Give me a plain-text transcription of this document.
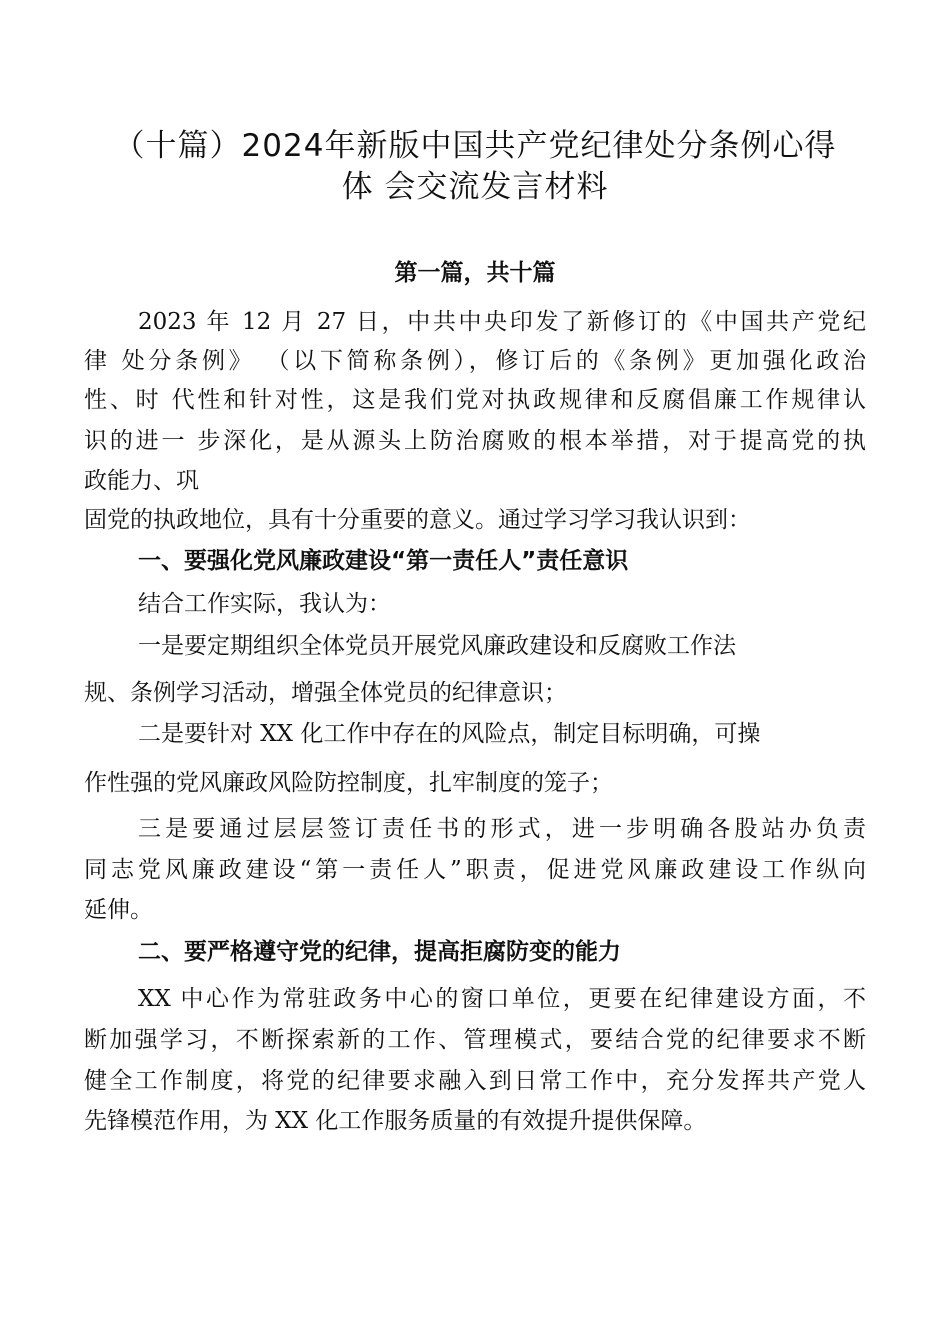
（十篇）2024年新版中国共产党纪律处分条例心得
体 会交流发言材料
第一篇，共十篇
2023 年 12 月 27 日，中共中央印发了新修订的《中国共产党纪
律 处分条例》 （以下简称条例），修订后的《条例》更加强化政治
性、时 代性和针对性，这是我们党对执政规律和反腐倡廉工作规律认
识的进一 步深化，是从源头上防治腐败的根本举措，对于提高党的执
政能力、巩
固党的执政地位，具有十分重要的意义。通过学习学习我认识到：
一、要强化党风廉政建设“第一责任人”责任意识
结合工作实际，我认为：
一是要定期组织全体党员开展党风廉政建设和反腐败工作法
规、条例学习活动，增强全体党员的纪律意识；
二是要针对 XX 化工作中存在的风险点，制定目标明确，可操
作性强的党风廉政风险防控制度，扎牢制度的笼子；
三是要通过层层签订责任书的形式，进一步明确各股站办负责
同志党风廉政建设“第一责任人”职责，促进党风廉政建设工作纵向
延伸。
二、要严格遵守党的纪律，提高拒腐防变的能力
XX 中心作为常驻政务中心的窗口单位，更要在纪律建设方面，不
断加强学习，不断探索新的工作、管理模式，要结合党的纪律要求不断
健全工作制度，将党的纪律要求融入到日常工作中，充分发挥共产党人
先锋模范作用，为 XX 化工作服务质量的有效提升提供保障。
